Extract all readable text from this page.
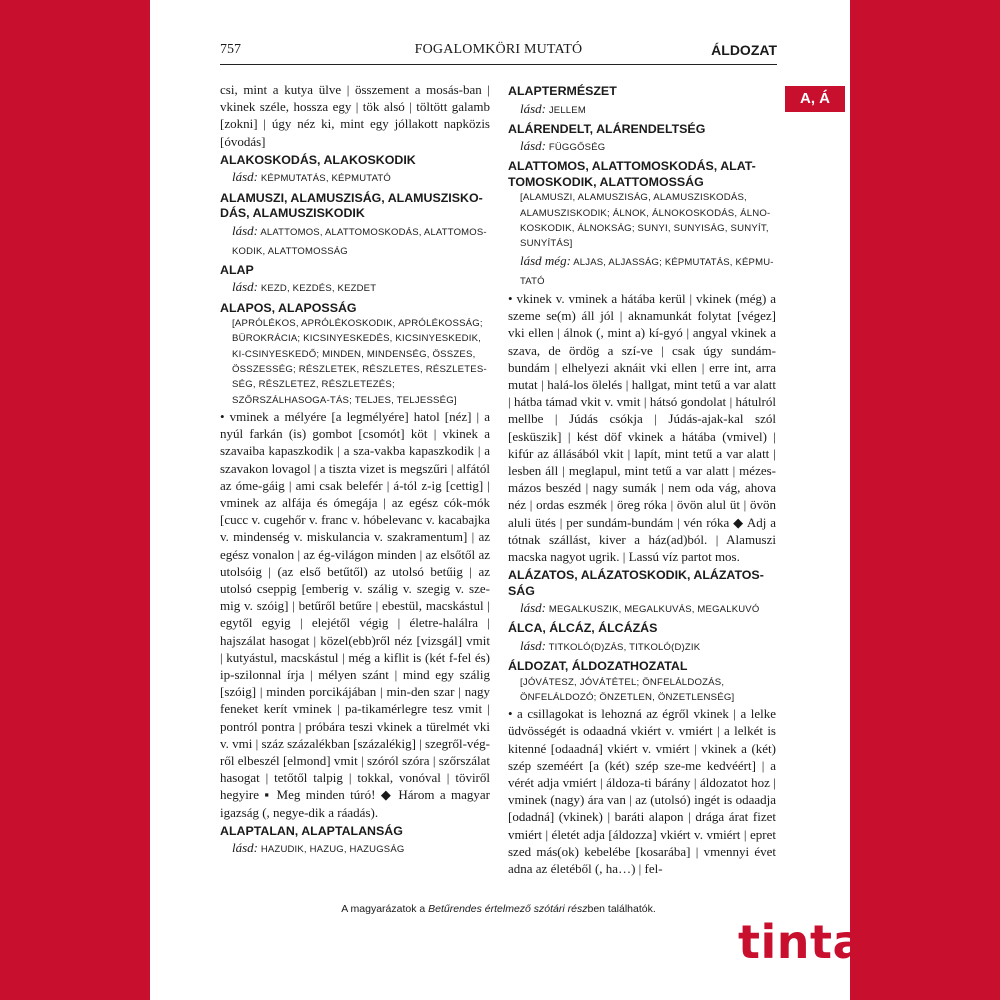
757	FOGALOMKÖRI MUTATÓ	ÁLDOZAT
A, Á

csi, mint a kutya ülve | összement a mosás-ban | vkinek széle, hossza egy | tök alsó | töltött galamb [zokni] | úgy néz ki, mint egy jóllakott napközis [óvodás]

ALAKOSKODÁS, ALAKOSKODIK

lásd: KÉPMUTATÁS, KÉPMUTATÓ

ALAMUSZI, ALAMUSZISÁG, ALAMUSZISKO-DÁS, ALAMUSZISKODIK

lásd: ALATTOMOS, ALATTOMOSKODÁS, ALATTOMOS-KODIK, ALATTOMOSSÁG

ALAP

lásd: KEZD, KEZDÉS, KEZDET

ALAPOS, ALAPOSSÁG

[APRÓLÉKOS, APRÓLÉKOSKODIK, APRÓLÉKOSSÁG; BÜROKRÁCIA; KICSINYESKEDÉS, KICSINYESKEDIK, KI-CSINYESKEDŐ; MINDEN, MINDENSÉG, ÖSSZES, ÖSSZESSÉG; RÉSZLETEK, RÉSZLETES, RÉSZLETES-SÉG, RÉSZLETEZ, RÉSZLETEZÉS; SZŐRSZÁLHASOGA-TÁS; TELJES, TELJESSÉG]

• vminek a mélyére [a legmélyére] hatol [néz] | a nyúl farkán (is) gombot [csomót] köt | vkinek a szavaiba kapaszkodik | a sza-vakba kapaszkodik | a szavakon lovagol | a tiszta vizet is megszűri | alfától az óme-gáig | ami csak belefér | á-tól z-ig [cettig] | vminek az alfája és ómegája | az egész cók-mók [cucc v. cugehőr v. franc v. hóbelevanc v. kacabajka v. mindenség v. miskulancia v. szakramentum] | az egész vonalon | az ég-világon minden | az elsőtől az utolsóig | (az első betűtől) az utolsó betűig | az utolsó cseppig [emberig v. szálig v. szegig v. sze-mig v. szóig] | betűről betűre | ebestül, macskástul | egytől egyig | elejétől végig | életre-halálra | hajszálat hasogat | közel(ebb)ről néz [vizsgál] vmit | kutyástul, macskástul | még a kiflit is (két f-fel és) ip-szilonnal írja | mélyen szánt | mind egy szálig [szóig] | minden porcikájában | min-den szar | nagy feneket kerít vminek | pa-tikamérlegre tesz vmit | pontról pontra | próbára teszi vkinek a türelmét vki v. vmi | száz százalékban [százalékig] | szegről-vég-ről elbeszél [elmond] vmit | szóról szóra | szőrszálat hasogat | tetőtől talpig | tokkal, vonóval | töviről hegyire ▪ Meg minden túró! ◆ Három a magyar igazság (, negye-dik a ráadás).

ALAPTALAN, ALAPTALANSÁG

lásd: HAZUDIK, HAZUG, HAZUGSÁG

ALAPTERMÉSZET

lásd: JELLEM

ALÁRENDELT, ALÁRENDELTSÉG

lásd: FÜGGŐSÉG

ALATTOMOS, ALATTOMOSKODÁS, ALAT-TOMOSKODIK, ALATTOMOSSÁG

[ALAMUSZI, ALAMUSZISÁG, ALAMUSZISKODÁS, ALAMUSZISKODIK; ÁLNOK, ÁLNOKOSKODÁS, ÁLNO-KOSKODIK, ÁLNOKSÁG; SUNYI, SUNYISÁG, SUNYÍT, SUNYÍTÁS]

lásd még: ALJAS, ALJASSÁG; KÉPMUTATÁS, KÉPMU-TATÓ

• vkinek v. vminek a hátába kerül | vkinek (még) a szeme se(m) áll jól | aknamunkát folytat [végez] vki ellen | álnok (, mint a) kí-gyó | angyal vkinek a szava, de ördög a szí-ve | csak úgy sundám-bundám | elhelyezi aknáit vki ellen | erre int, arra mutat | halá-los ölelés | hallgat, mint tetű a var alatt | hátba támad vkit v. vmit | hátsó gondolat | hátulról mellbe | Júdás csókja | Júdás-ajak-kal szól [esküszik] | kést döf vkinek a hátába (vmivel) | kifúr az állásából vkit | lapít, mint tetű a var alatt | lesben áll | meglapul, mint tetű a var alatt | mézes-mázos beszéd | nagy sumák | nem oda vág, ahova néz | ordas eszmék | öreg róka | övön alul üt | övön aluli ütés | per sundám-bundám | vén róka ◆ Adj a tótnak szállást, kiver a ház(ad)ból. | Alamuszi macska nagyot ugrik. | Lassú víz partot mos.

ALÁZATOS, ALÁZATOSKODIK, ALÁZATOS-SÁG

lásd: MEGALKUSZIK, MEGALKUVÁS, MEGALKUVÓ

ÁLCA, ÁLCÁZ, ÁLCÁZÁS

lásd: TITKOLÓ(D)ZÁS, TITKOLÓ(D)ZIK

ÁLDOZAT, ÁLDOZATHOZATAL

[JÓVÁTESZ, JÓVÁTÉTEL; ÖNFELÁLDOZÁS, ÖNFELÁLDOZÓ; ÖNZETLEN, ÖNZETLENSÉG]

• a csillagokat is lehozná az égről vkinek | a lelke üdvösségét is odaadná vkiért v. vmiért | a lelkét is kitenné [odaadná] vkiért v. vmiért | vkinek a (két) szép szeméért [a (két) szép sze-me kedvéért] | a vérét adja vmiért | áldoza-ti bárány | áldozatot hoz | vminek (nagy) ára van | az (utolsó) ingét is odaadja [odadná] (vkinek) | baráti alapon | drága árat fizet vmiért | életét adja [áldozza] vkiért v. vmiért | epret szed más(ok) kebelébe [kosarába] | vmennyi évet adna az életéből (, ha…) | fel-

A magyarázatok a Betűrendes értelmező szótári részben találhatók.
tinta.hu
